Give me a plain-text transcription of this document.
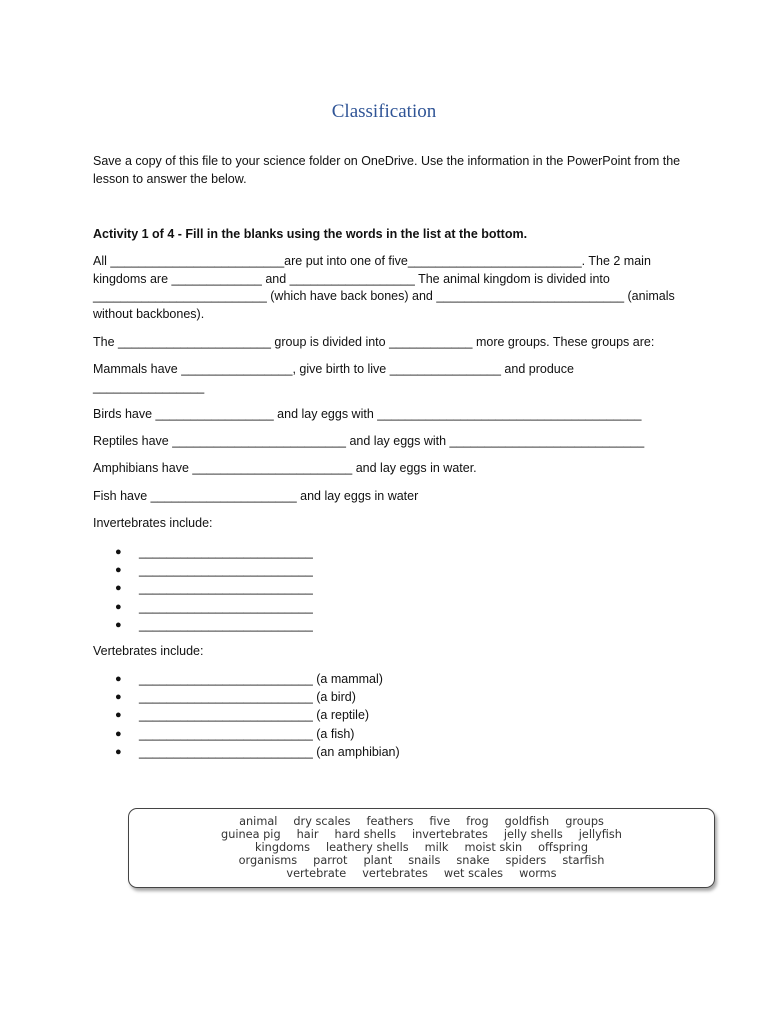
Classification
Save a copy of this file to your science folder on OneDrive. Use the information in the PowerPoint from the lesson to answer the below.
Activity 1 of 4 - Fill in the blanks using the words in the list at the bottom.
All _________________________are put into one of five_________________________. The 2 main kingdoms are _____________ and __________________ The animal kingdom is divided into _________________________ (which have back bones) and ___________________________ (animals without backbones).
The ______________________ group is divided into ____________ more groups. These groups are:
Mammals have ________________, give birth to live ________________ and produce ________________
Birds have _________________ and lay eggs with ______________________________________
Reptiles have _________________________ and lay eggs with ____________________________
Amphibians have _______________________ and lay eggs in water.
Fish have _____________________ and lay eggs in water
Invertebrates include:
● _________________________
● _________________________
● _________________________
● _________________________
● _________________________
Vertebrates include:
● _________________________ (a mammal)
● _________________________ (a bird)
● _________________________ (a reptile)
● _________________________ (a fish)
● _________________________ (an amphibian)
animal dry scales feathers five frog goldfish groups
guinea pig hair hard shells invertebrates jelly shells jellyfish
kingdoms leathery shells milk moist skin offspring
organisms parrot plant snails snake spiders starfish
vertebrate vertebrates wet scales worms
